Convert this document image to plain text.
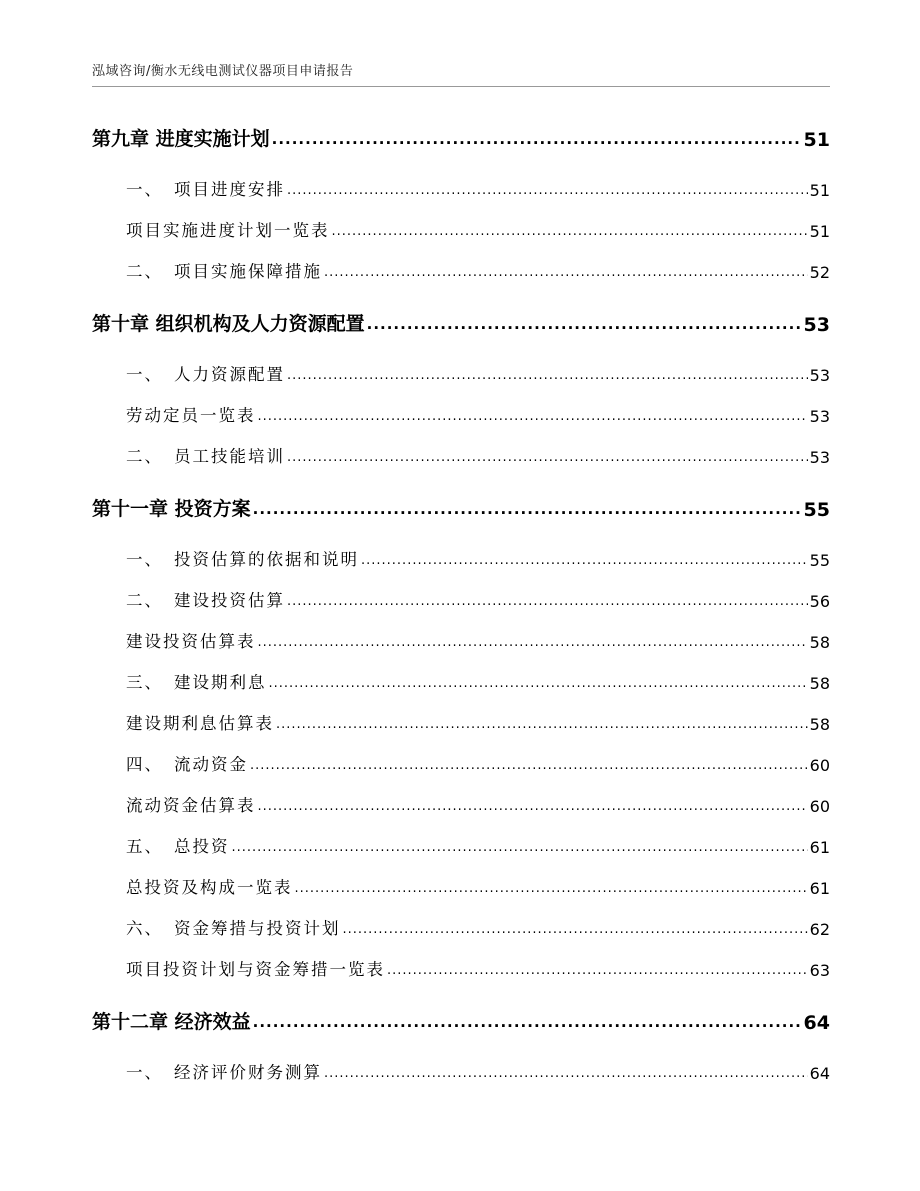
泓域咨询/衡水无线电测试仪器项目申请报告
第九章 进度实施计划 .....	51
一、 项目进度安排 .....	51
项目实施进度计划一览表 .....	51
二、 项目实施保障措施 .....	52
第十章 组织机构及人力资源配置 .....	53
一、 人力资源配置 .....	53
劳动定员一览表 .....	53
二、 员工技能培训 .....	53
第十一章 投资方案 .....	55
一、 投资估算的依据和说明 .....	55
二、 建设投资估算 .....	56
建设投资估算表 .....	58
三、 建设期利息 .....	58
建设期利息估算表 .....	58
四、 流动资金 .....	60
流动资金估算表 .....	60
五、 总投资 .....	61
总投资及构成一览表 .....	61
六、 资金筹措与投资计划 .....	62
项目投资计划与资金筹措一览表 .....	63
第十二章 经济效益 .....	64
一、 经济评价财务测算 .....	64
